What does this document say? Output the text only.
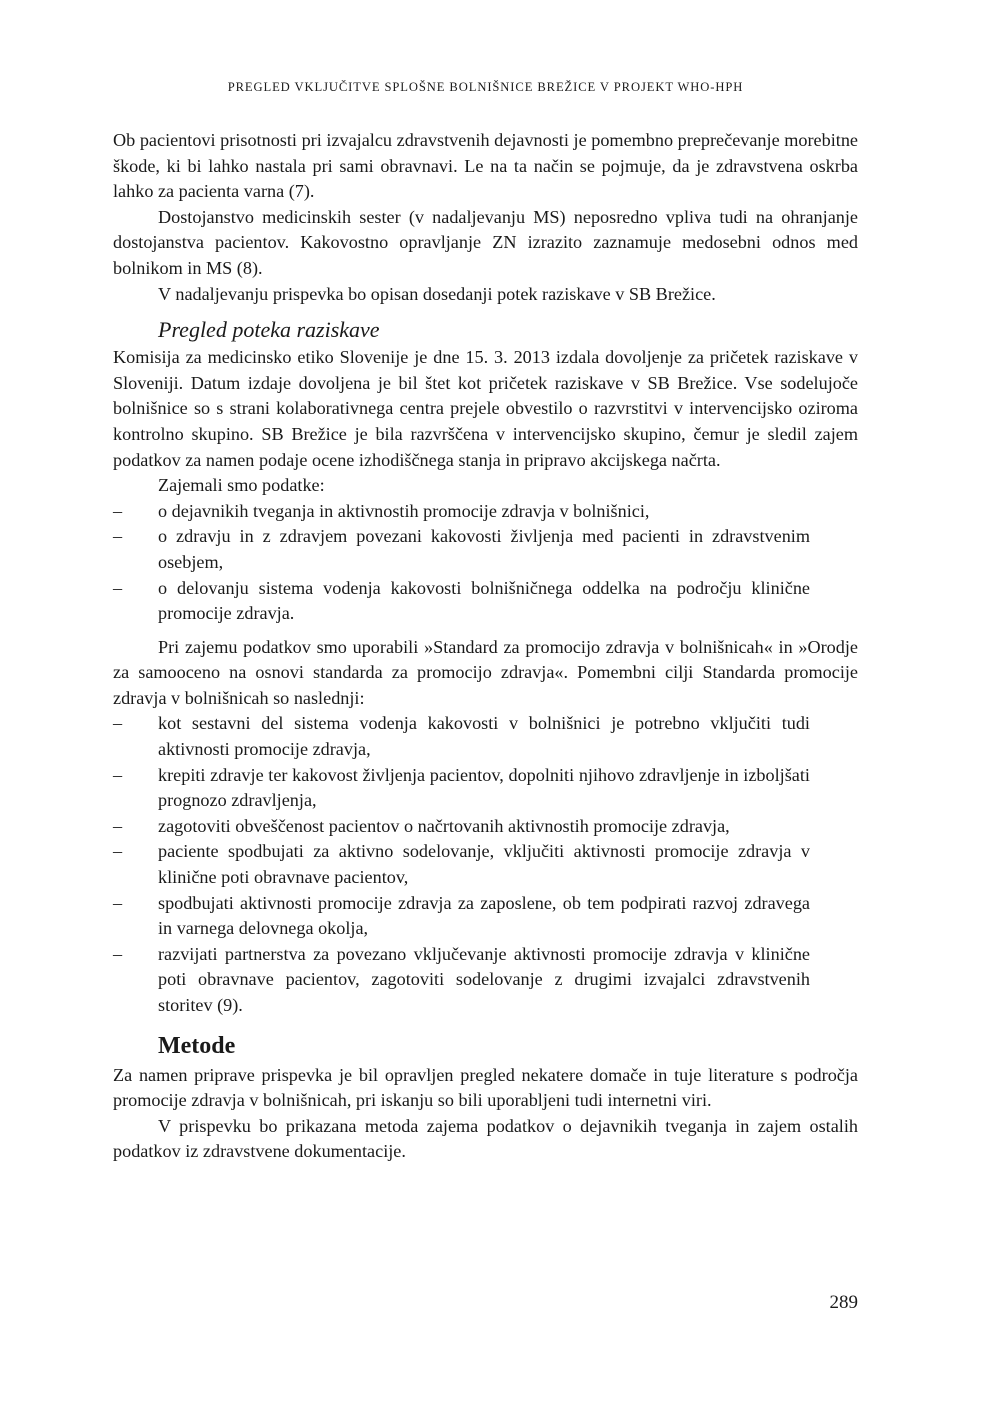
PREGLED VKLJUČITVE SPLOŠNE BOLNIŠNICE BREŽICE V PROJEKT WHO-HPH

Ob pacientovi prisotnosti pri izvajalcu zdravstvenih dejavnosti je pomembno preprečevanje morebitne škode, ki bi lahko nastala pri sami obravnavi. Le na ta način se pojmuje, da je zdravstvena oskrba lahko za pacienta varna (7).

Dostojanstvo medicinskih sester (v nadaljevanju MS) neposredno vpliva tudi na ohranjanje dostojanstva pacientov. Kakovostno opravljanje ZN izrazito zaznamuje medosebni odnos med bolnikom in MS (8).

V nadaljevanju prispevka bo opisan dosedanji potek raziskave v SB Brežice.

Pregled poteka raziskave

Komisija za medicinsko etiko Slovenije je dne 15. 3. 2013 izdala dovoljenje za pričetek raziskave v Sloveniji. Datum izdaje dovoljena je bil štet kot pričetek raziskave v SB Brežice. Vse sodelujoče bolnišnice so s strani kolaborativnega centra prejele obvestilo o razvrstitvi v intervencijsko oziroma kontrolno skupino. SB Brežice je bila razvrščena v intervencijsko skupino, čemur je sledil zajem podatkov za namen podaje ocene izhodiščnega stanja in pripravo akcijskega načrta.

Zajemali smo podatke:

– o dejavnikih tveganja in aktivnostih promocije zdravja v bolnišnici,
– o zdravju in z zdravjem povezani kakovosti življenja med pacienti in zdravstvenim osebjem,
– o delovanju sistema vodenja kakovosti bolnišničnega oddelka na področju klinične promocije zdravja.

Pri zajemu podatkov smo uporabili »Standard za promocijo zdravja v bolnišnicah« in »Orodje za samooceno na osnovi standarda za promocijo zdravja«. Pomembni cilji Standarda promocije zdravja v bolnišnicah so naslednji:

– kot sestavni del sistema vodenja kakovosti v bolnišnici je potrebno vključiti tudi aktivnosti promocije zdravja,
– krepiti zdravje ter kakovost življenja pacientov, dopolniti njihovo zdravljenje in izboljšati prognozo zdravljenja,
– zagotoviti obveščenost pacientov o načrtovanih aktivnostih promocije zdravja,
– paciente spodbujati za aktivno sodelovanje, vključiti aktivnosti promocije zdravja v klinične poti obravnave pacientov,
– spodbujati aktivnosti promocije zdravja za zaposlene, ob tem podpirati razvoj zdravega in varnega delovnega okolja,
– razvijati partnerstva za povezano vključevanje aktivnosti promocije zdravja v klinične poti obravnave pacientov, zagotoviti sodelovanje z drugimi izvajalci zdravstvenih storitev (9).
Metode

Za namen priprave prispevka je bil opravljen pregled nekatere domače in tuje literature s področja promocije zdravja v bolnišnicah, pri iskanju so bili uporabljeni tudi internetni viri.

V prispevku bo prikazana metoda zajema podatkov o dejavnikih tveganja in zajem ostalih podatkov iz zdravstvene dokumentacije.

289
